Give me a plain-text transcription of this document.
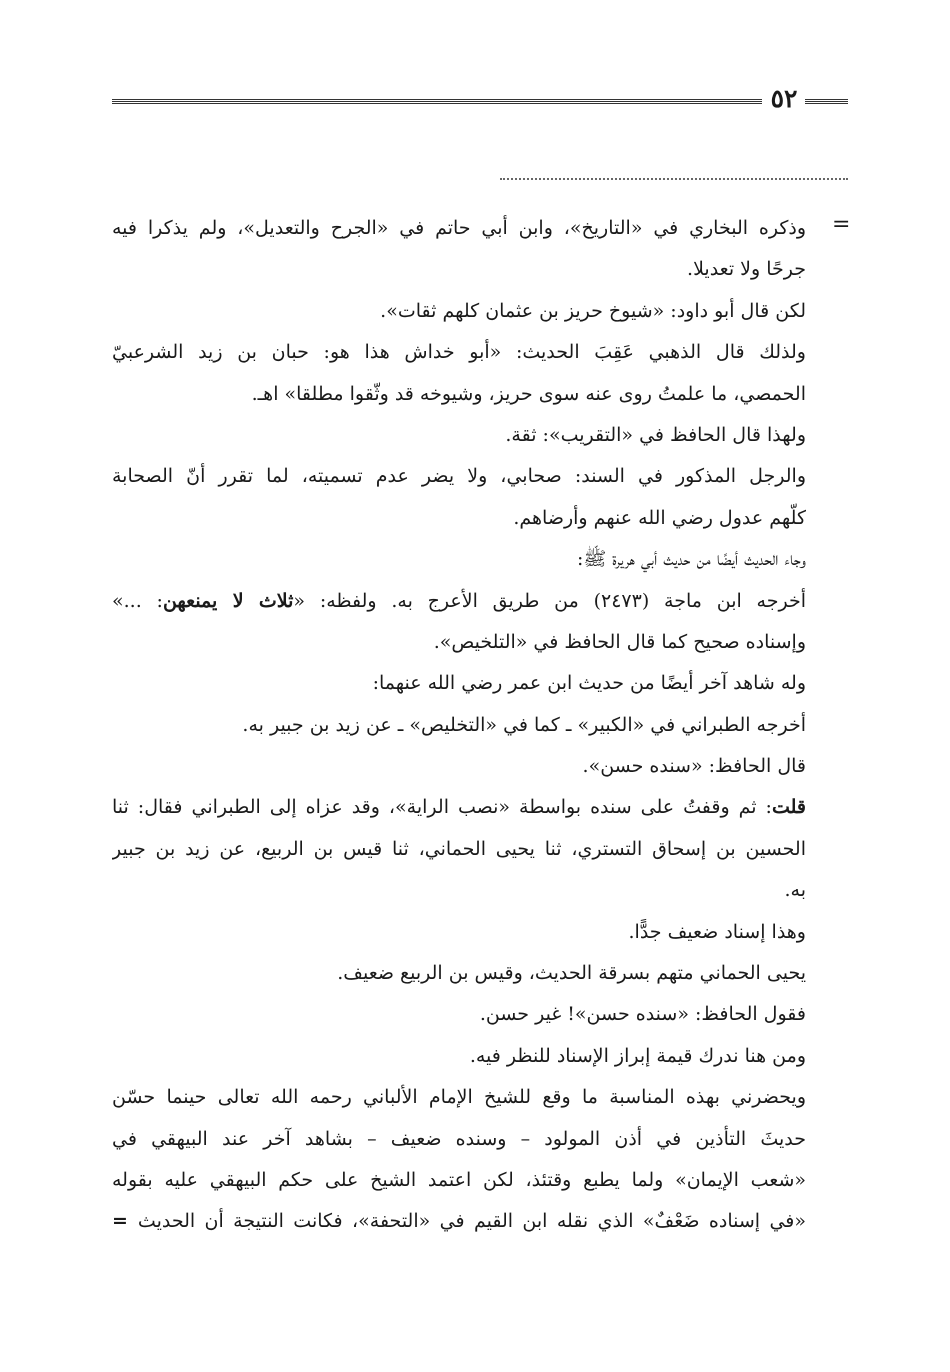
٥٢
=
وذكره البخاري في «التاريخ»، وابن أبي حاتم في «الجرح والتعديل»، ولم يذكرا فيه
جرحًا ولا تعديلا.
لكن قال أبو داود: «شيوخ حريز بن عثمان كلهم ثقات».
ولذلك قال الذهبي عَقِبَ الحديث: «أبو خداش هذا هو: حبان بن زيد الشرعبيّ
الحمصي، ما علمتُ روى عنه سوى حريز، وشيوخه قد وثّقوا مطلقا» اهـ.
ولهذا قال الحافظ في «التقريب»: ثقة.
والرجل المذكور في السند: صحابي، ولا يضر عدم تسميته، لما تقرر أنّ الصحابة
كلّهم عدول رضي الله عنهم وأرضاهم.
وجاء الحديث أيضًا من حديث أبي هريرة ﷺ:
أخرجه ابن ماجة (٢٤٧٣) من طريق الأعرج به. ولفظه: «ثلاث لا يمنعهن: ...»
وإسناده صحيح كما قال الحافظ في «التلخيص».
وله شاهد آخر أيضًا من حديث ابن عمر رضي الله عنهما:
أخرجه الطبراني في «الكبير» ـ كما في «التخليص» ـ عن زيد بن جبير به.
قال الحافظ: «سنده حسن».
قلت: ثم وقفتُ على سنده بواسطة «نصب الراية»، وقد عزاه إلى الطبراني فقال: ثنا
الحسين بن إسحاق التستري، ثنا يحيى الحماني، ثنا قيس بن الربيع، عن زيد بن جبير
به.
وهذا إسناد ضعيف جدًّا.
يحيى الحماني متهم بسرقة الحديث، وقيس بن الربيع ضعيف.
فقول الحافظ: «سنده حسن»! غير حسن.
ومن هنا ندرك قيمة إبراز الإسناد للنظر فيه.
ويحضرني بهذه المناسبة ما وقع للشيخ الإمام الألباني رحمه الله تعالى حينما حسّن
حديثَ التأذين في أذن المولود – وسنده ضعيف – بشاهد آخر عند البيهقي في
«شعب الإيمان» ولما يطبع وقتئذ، لكن اعتمد الشيخ على حكم البيهقي عليه بقوله
«في إسناده ضَعْفٌ» الذي نقله ابن القيم في «التحفة»، فكانت النتيجة أن الحديث =
